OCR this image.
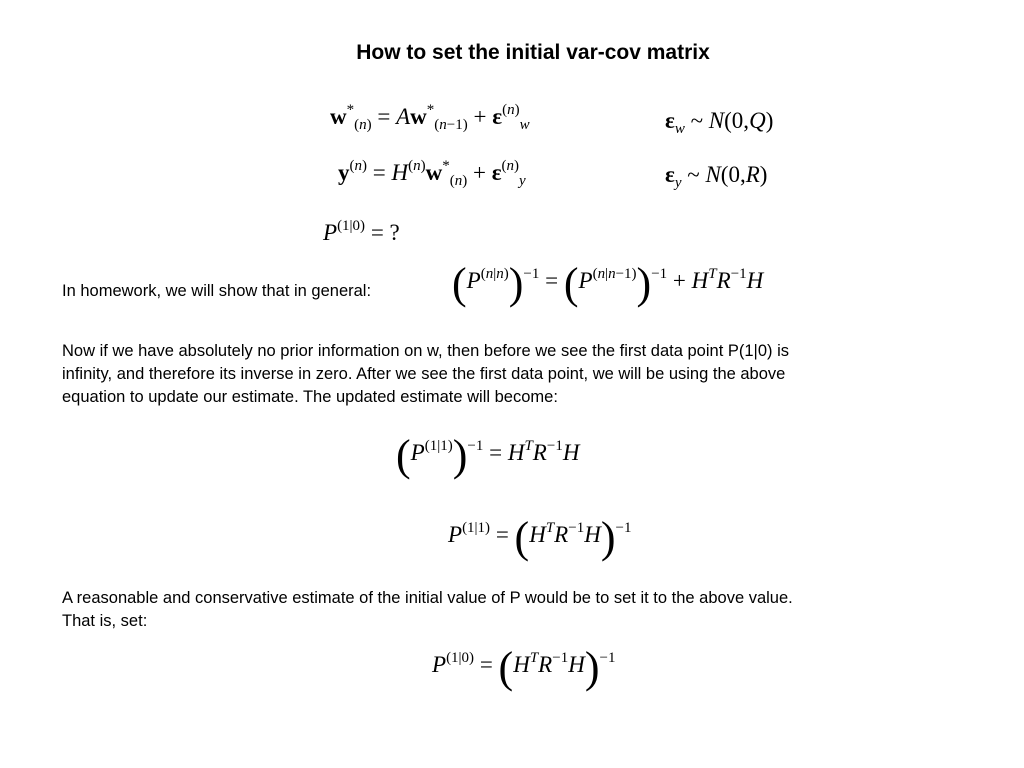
How to set the initial var-cov matrix
$w^*_{(n)} = Aw^*_{(n-1)} + \varepsilon^{(n)}_w$	$\varepsilon_w$ ~ N(0,Q)
$y^{(n)} = H^{(n)}w^*_{(n)} + \varepsilon^{(n)}_y$	$\varepsilon_y$ ~ N(0,R)
$P^{(1|0)}$ = ?
In homework, we will show that in general: $(P^{(n|n)})^{-1} = (P^{(n|n-1)})^{-1} + H^TR^{-1}H$
Now if we have absolutely no prior information on w, then before we see the first data point P(1|0) is
infinity, and therefore its inverse in zero. After we see the first data point, we will be using the above
equation to update our estimate. The updated estimate will become:
$(P^{(1|1)})^{-1} = H^TR^{-1}H$
$P^{(1|1)} = (H^TR^{-1}H)^{-1}$
A reasonable and conservative estimate of the initial value of P would be to set it to the above value.
That is, set:
$P^{(1|0)} = (H^TR^{-1}H)^{-1}$
